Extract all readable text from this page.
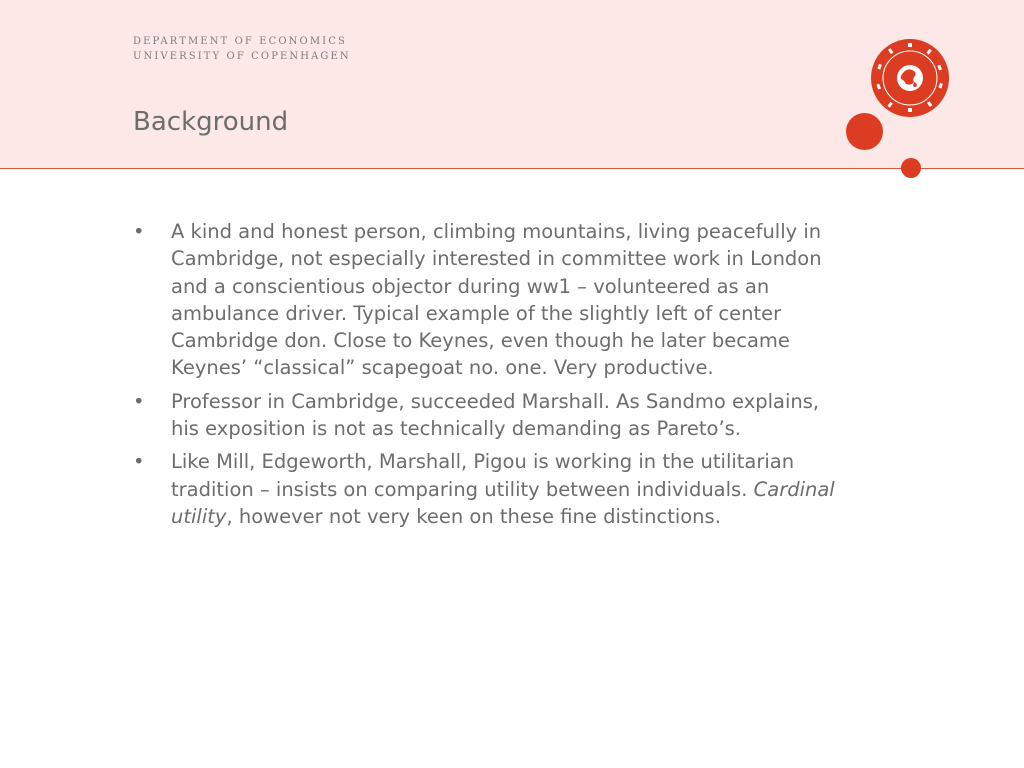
DEPARTMENT OF ECONOMICS
UNIVERSITY OF COPENHAGEN
Background
• A kind and honest person, climbing mountains, living peacefully in Cambridge, not especially interested in committee work in London and a conscientious objector during ww1 – volunteered as an ambulance driver. Typical example of the slightly left of center Cambridge don. Close to Keynes, even though he later became Keynes’ “classical” scapegoat no. one. Very productive.
• Professor in Cambridge, succeeded Marshall. As Sandmo explains, his exposition is not as technically demanding as Pareto’s.
• Like Mill, Edgeworth, Marshall, Pigou is working in the utilitarian tradition – insists on comparing utility between individuals. Cardinal utility, however not very keen on these fine distinctions.
